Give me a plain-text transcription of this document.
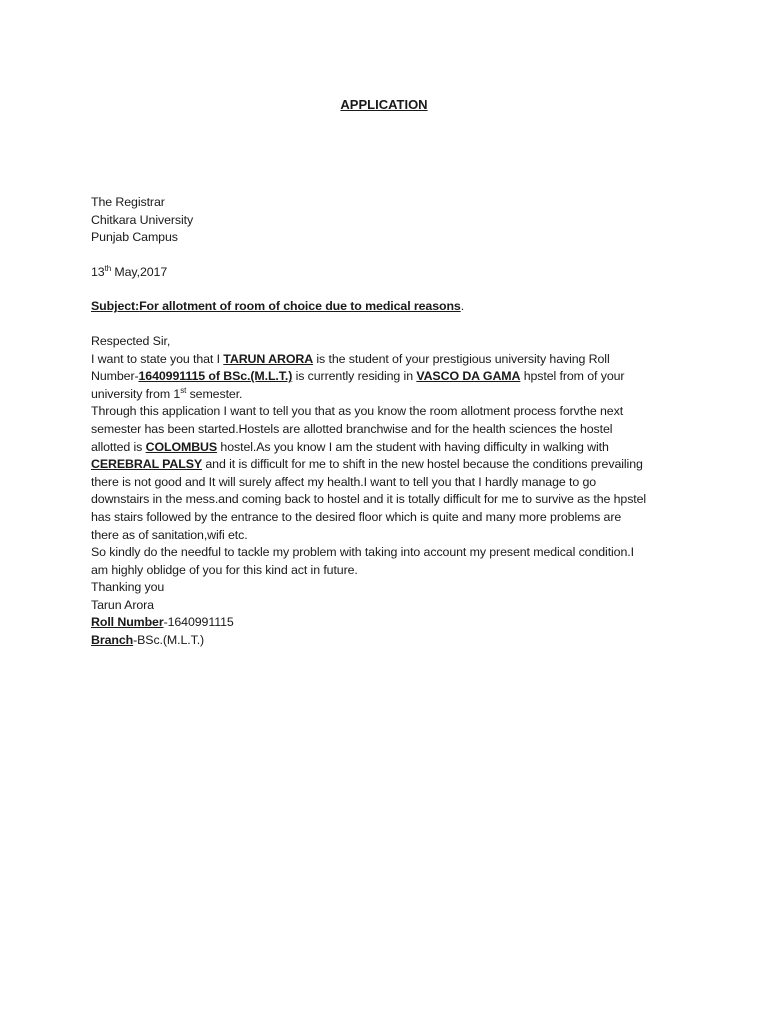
APPLICATION
The Registrar
Chitkara University
Punjab Campus
13th May,2017
Subject:For allotment of room of choice due to medical reasons.
Respected Sir,
I want to state you that I TARUN ARORA is the student of your prestigious university having Roll
Number-1640991115 of BSc.(M.L.T.) is currently residing in VASCO DA GAMA hpstel from of your
university from 1st semester.
Through this application I want to tell you that as you know the room allotment process forvthe next
semester has been started.Hostels are allotted branchwise and for the health sciences the hostel
allotted is COLOMBUS hostel.As you know I am the student with having difficulty in walking with
CEREBRAL PALSY and it is difficult for me to shift in the new hostel because the conditions prevailing
there is not good and It will surely affect my health.I want to tell you that I hardly manage to go
downstairs in the mess.and coming back to hostel and it is totally difficult for me to survive as the hpstel
has stairs followed by the entrance to the desired floor which is quite and many more problems are
there as of sanitation,wifi etc.
So kindly do the needful to tackle my problem with taking into account my present medical condition.I
am highly oblidge of you for this kind act in future.
Thanking you
Tarun Arora
Roll Number-1640991115
Branch-BSc.(M.L.T.)
